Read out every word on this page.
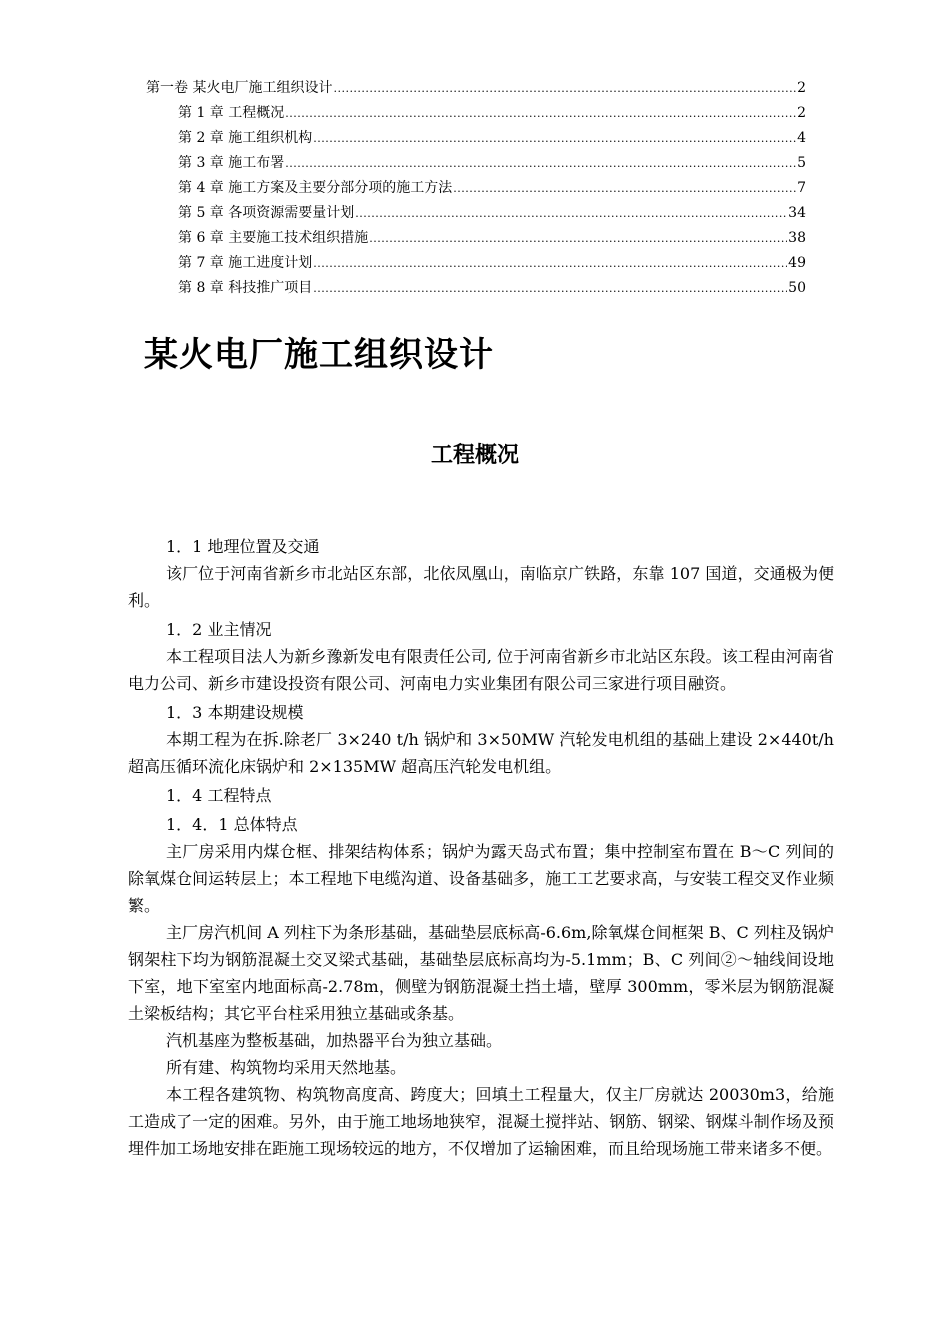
第一卷 某火电厂施工组织设计 .....	2
第 1 章 工程概况 .....	2
第 2 章 施工组织机构 .....	4
第 3 章 施工布署 .....	5
第 4 章 施工方案及主要分部分项的施工方法 .....	7
第 5 章 各项资源需要量计划 .....	34
第 6 章 主要施工技术组织措施 .....	38
第 7 章 施工进度计划 .....	49
第 8 章 科技推广项目 .....	50
某火电厂施工组织设计
工程概况

1．1 地理位置及交通

该厂位于河南省新乡市北站区东部，北依凤凰山，南临京广铁路，东靠 107 国道，交通极为便利。

1．2 业主情况

本工程项目法人为新乡豫新发电有限责任公司, 位于河南省新乡市北站区东段。该工程由河南省电力公司、新乡市建设投资有限公司、河南电力实业集团有限公司三家进行项目融资。

1．3 本期建设规模

本期工程为在拆.除老厂 3×240 t/h 锅炉和 3×50MW 汽轮发电机组的基础上建设 2×440t/h 超高压循环流化床锅炉和 2×135MW 超高压汽轮发电机组。

1．4 工程特点

1．4．1 总体特点

主厂房采用内煤仓框、排架结构体系；锅炉为露天岛式布置；集中控制室布置在 B～C 列间的除氧煤仓间运转层上；本工程地下电缆沟道、设备基础多，施工工艺要求高，与安装工程交叉作业频繁。

主厂房汽机间 A 列柱下为条形基础，基础垫层底标高-6.6m,除氧煤仓间框架 B、C 列柱及锅炉钢架柱下均为钢筋混凝土交叉梁式基础，基础垫层底标高均为-5.1mm；B、C 列间②～轴线间设地下室，地下室室内地面标高-2.78m，侧壁为钢筋混凝土挡土墙，壁厚 300mm，零米层为钢筋混凝土梁板结构；其它平台柱采用独立基础或条基。

汽机基座为整板基础，加热器平台为独立基础。

所有建、构筑物均采用天然地基。

本工程各建筑物、构筑物高度高、跨度大；回填土工程量大，仅主厂房就达 20030m3，给施工造成了一定的困难。另外，由于施工地场地狭窄，混凝土搅拌站、钢筋、钢梁、钢煤斗制作场及预埋件加工场地安排在距施工现场较远的地方，不仅增加了运输困难，而且给现场施工带来诸多不便。
